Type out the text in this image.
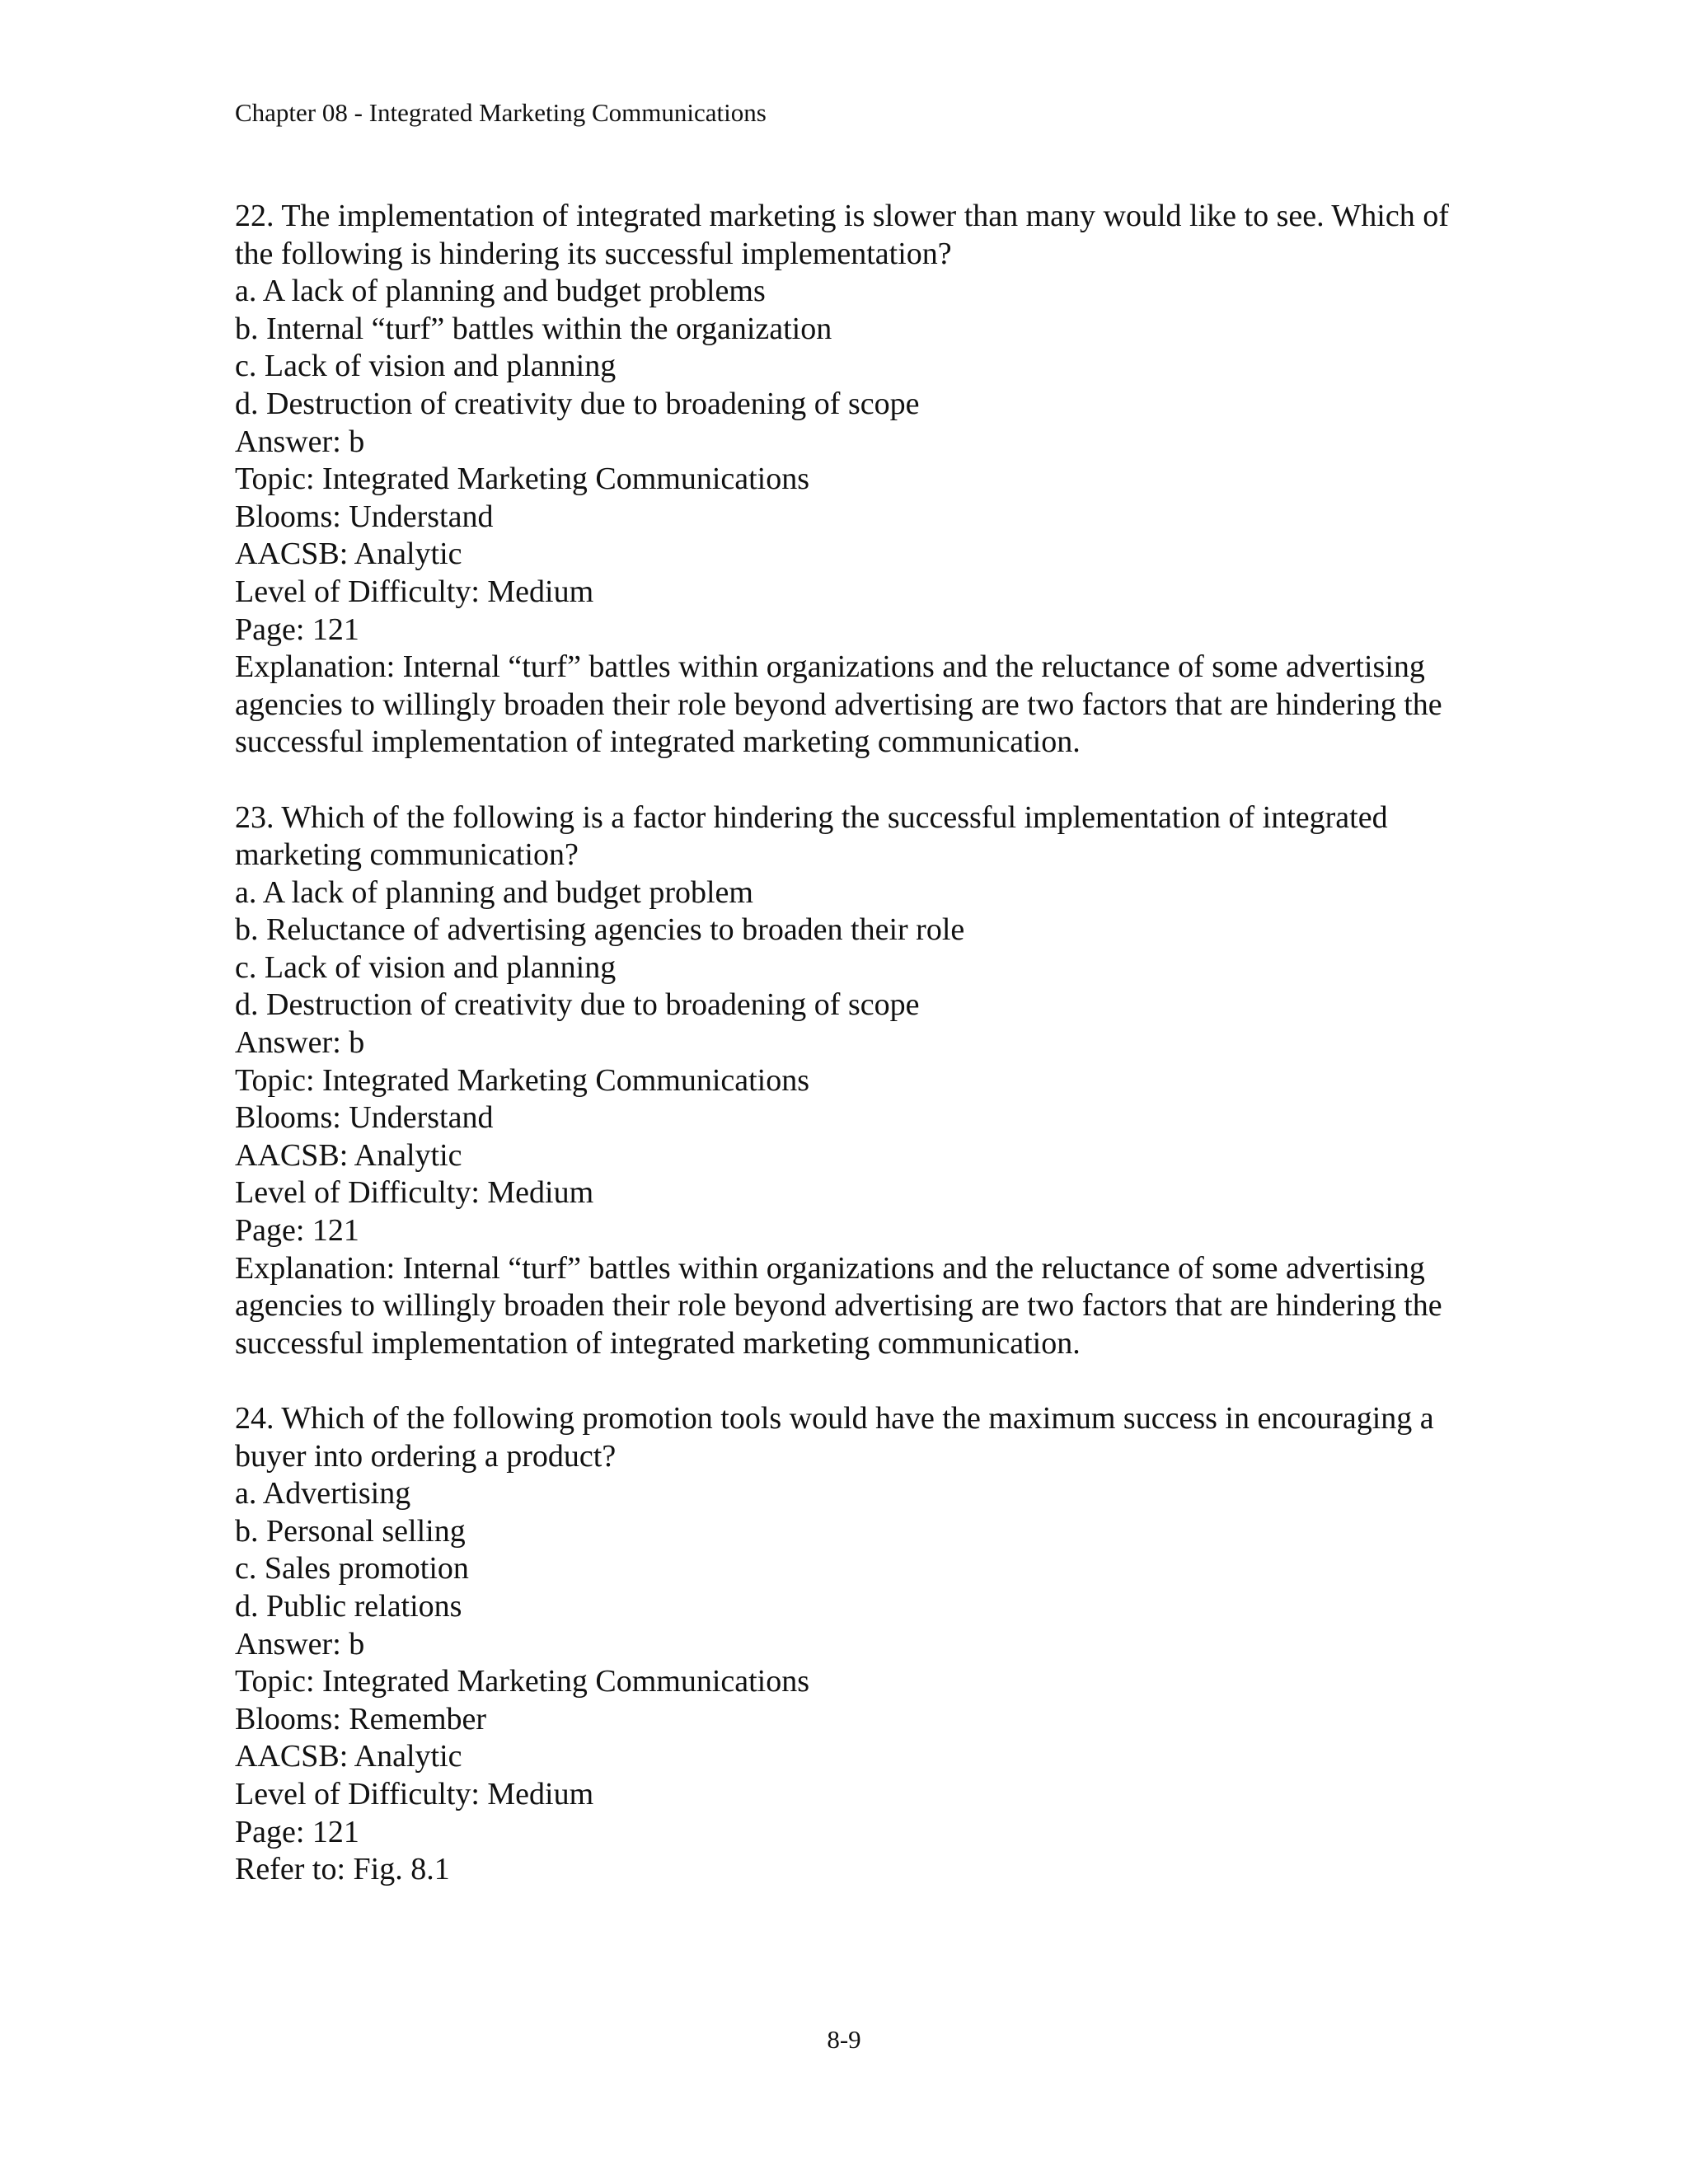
Chapter 08 - Integrated Marketing Communications
22. The implementation of integrated marketing is slower than many would like to see. Which of the following is hindering its successful implementation?
a. A lack of planning and budget problems
b. Internal “turf” battles within the organization
c. Lack of vision and planning
d. Destruction of creativity due to broadening of scope
Answer: b
Topic: Integrated Marketing Communications
Blooms: Understand
AACSB: Analytic
Level of Difficulty: Medium
Page: 121
Explanation: Internal “turf” battles within organizations and the reluctance of some advertising agencies to willingly broaden their role beyond advertising are two factors that are hindering the successful implementation of integrated marketing communication.
23. Which of the following is a factor hindering the successful implementation of integrated marketing communication?
a. A lack of planning and budget problem
b. Reluctance of advertising agencies to broaden their role
c. Lack of vision and planning
d. Destruction of creativity due to broadening of scope
Answer: b
Topic: Integrated Marketing Communications
Blooms: Understand
AACSB: Analytic
Level of Difficulty: Medium
Page: 121
Explanation: Internal “turf” battles within organizations and the reluctance of some advertising agencies to willingly broaden their role beyond advertising are two factors that are hindering the successful implementation of integrated marketing communication.
24. Which of the following promotion tools would have the maximum success in encouraging a buyer into ordering a product?
a. Advertising
b. Personal selling
c. Sales promotion
d. Public relations
Answer: b
Topic: Integrated Marketing Communications
Blooms: Remember
AACSB: Analytic
Level of Difficulty: Medium
Page: 121
Refer to: Fig. 8.1
8-9
